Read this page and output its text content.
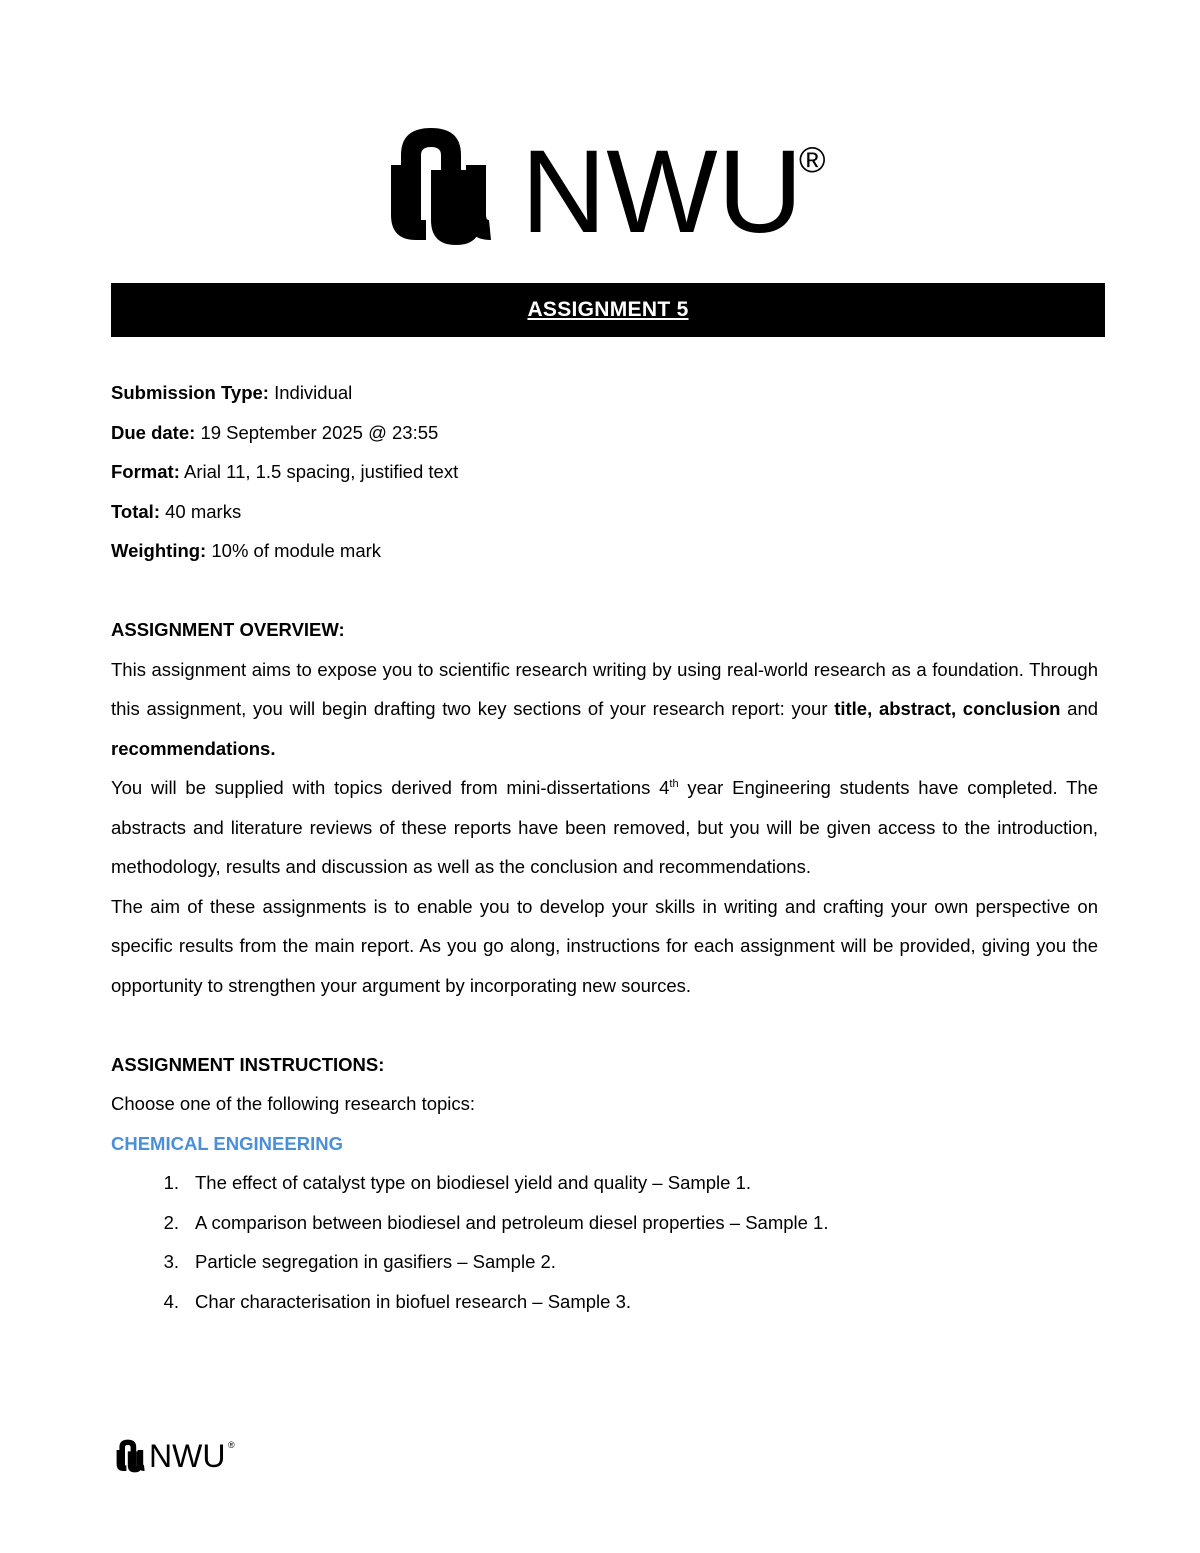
NWU
®
ASSIGNMENT 5
Submission Type: Individual
Due date: 19 September 2025 @ 23:55
Format: Arial 11, 1.5 spacing, justified text
Total: 40 marks
Weighting: 10% of module mark
ASSIGNMENT OVERVIEW:
This assignment aims to expose you to scientific research writing by using real-world research as a foundation. Through this assignment, you will begin drafting two key sections of your research report: your title, abstract, conclusion and recommendations.
You will be supplied with topics derived from mini-dissertations 4th year Engineering students have completed. The abstracts and literature reviews of these reports have been removed, but you will be given access to the introduction, methodology, results and discussion as well as the conclusion and recommendations.
The aim of these assignments is to enable you to develop your skills in writing and crafting your own perspective on specific results from the main report. As you go along, instructions for each assignment will be provided, giving you the opportunity to strengthen your argument by incorporating new sources.
ASSIGNMENT INSTRUCTIONS:
Choose one of the following research topics:
CHEMICAL ENGINEERING
1. The effect of catalyst type on biodiesel yield and quality – Sample 1.
2. A comparison between biodiesel and petroleum diesel properties – Sample 1.
3. Particle segregation in gasifiers – Sample 2.
4. Char characterisation in biofuel research – Sample 3.
NWU ®
